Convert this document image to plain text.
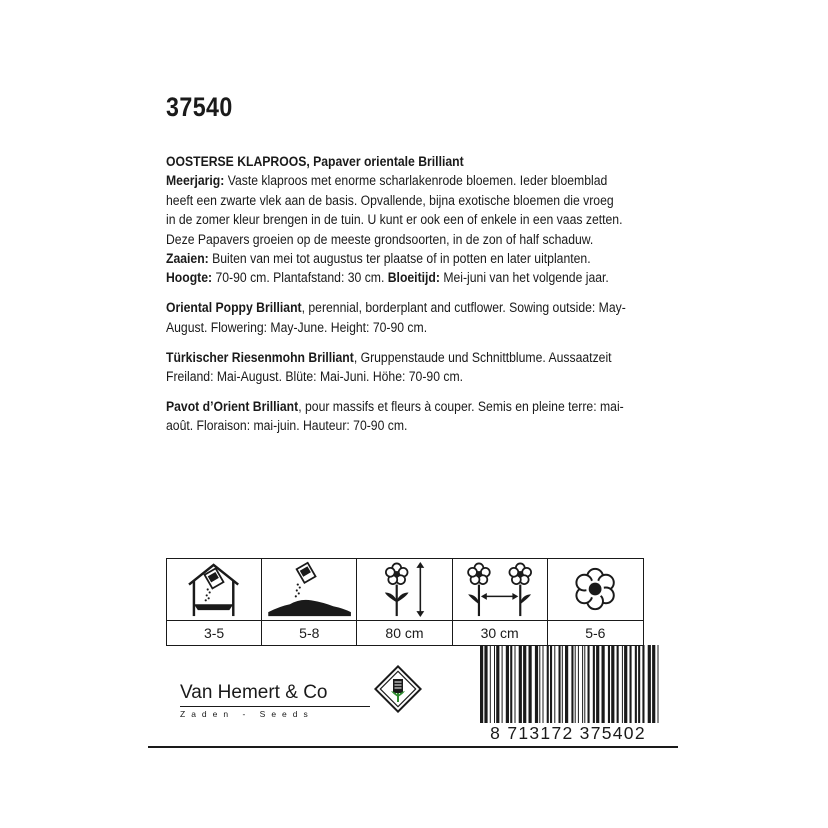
37540

OOSTERSE KLAPROOS, Papaver orientale Brilliant
Meerjarig: Vaste klaproos met enorme scharlakenrode bloemen. Ieder bloemblad
heeft een zwarte vlek aan de basis. Opvallende, bijna exotische bloemen die vroeg
in de zomer kleur brengen in de tuin. U kunt er ook een of enkele in een vaas zetten.
Deze Papavers groeien op de meeste grondsoorten, in de zon of half schaduw.
Zaaien: Buiten van mei tot augustus ter plaatse of in potten en later uitplanten.
Hoogte: 70-90 cm. Plantafstand: 30 cm. Bloeitijd: Mei-juni van het volgende jaar.

Oriental Poppy Brilliant, perennial, borderplant and cutflower. Sowing outside: May-
August. Flowering: May-June. Height: 70-90 cm.

Türkischer Riesenmohn Brilliant, Gruppenstaude und Schnittblume. Aussaatzeit
Freiland: Mai-August. Blüte: Mai-Juni. Höhe: 70-90 cm.

Pavot d’Orient Brilliant, pour massifs et fleurs à couper. Semis en pleine terre: mai-
août. Floraison: mai-juin. Hauteur: 70-90 cm.

3-5	5-8	80 cm	30 cm	5-6
Van Hemert & Co
Zaden - Seeds
8 713172 375402
